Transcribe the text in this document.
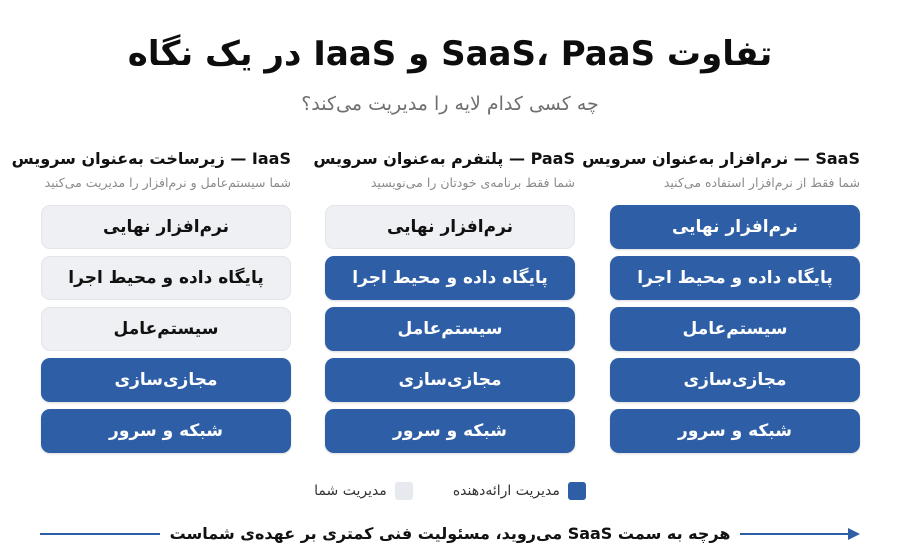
تفاوت SaaS، PaaS و IaaS در یک نگاه
چه کسی کدام لایه را مدیریت می‌کند؟
SaaS — نرم‌افزار به‌عنوان سرویس
شما فقط از نرم‌افزار استفاده می‌کنید
نرم‌افزار نهایی
پایگاه داده و محیط اجرا
سیستم‌عامل
مجازی‌سازی
شبکه و سرور
PaaS — پلتفرم به‌عنوان سرویس
شما فقط برنامه‌ی خودتان را می‌نویسید
نرم‌افزار نهایی
پایگاه داده و محیط اجرا
سیستم‌عامل
مجازی‌سازی
شبکه و سرور
IaaS — زیرساخت به‌عنوان سرویس
شما سیستم‌عامل و نرم‌افزار را مدیریت می‌کنید
نرم‌افزار نهایی
پایگاه داده و محیط اجرا
سیستم‌عامل
مجازی‌سازی
شبکه و سرور
مدیریت ارائه‌دهنده
مدیریت شما
هرچه به سمت SaaS می‌روید، مسئولیت فنی کمتری بر عهده‌ی شماست
